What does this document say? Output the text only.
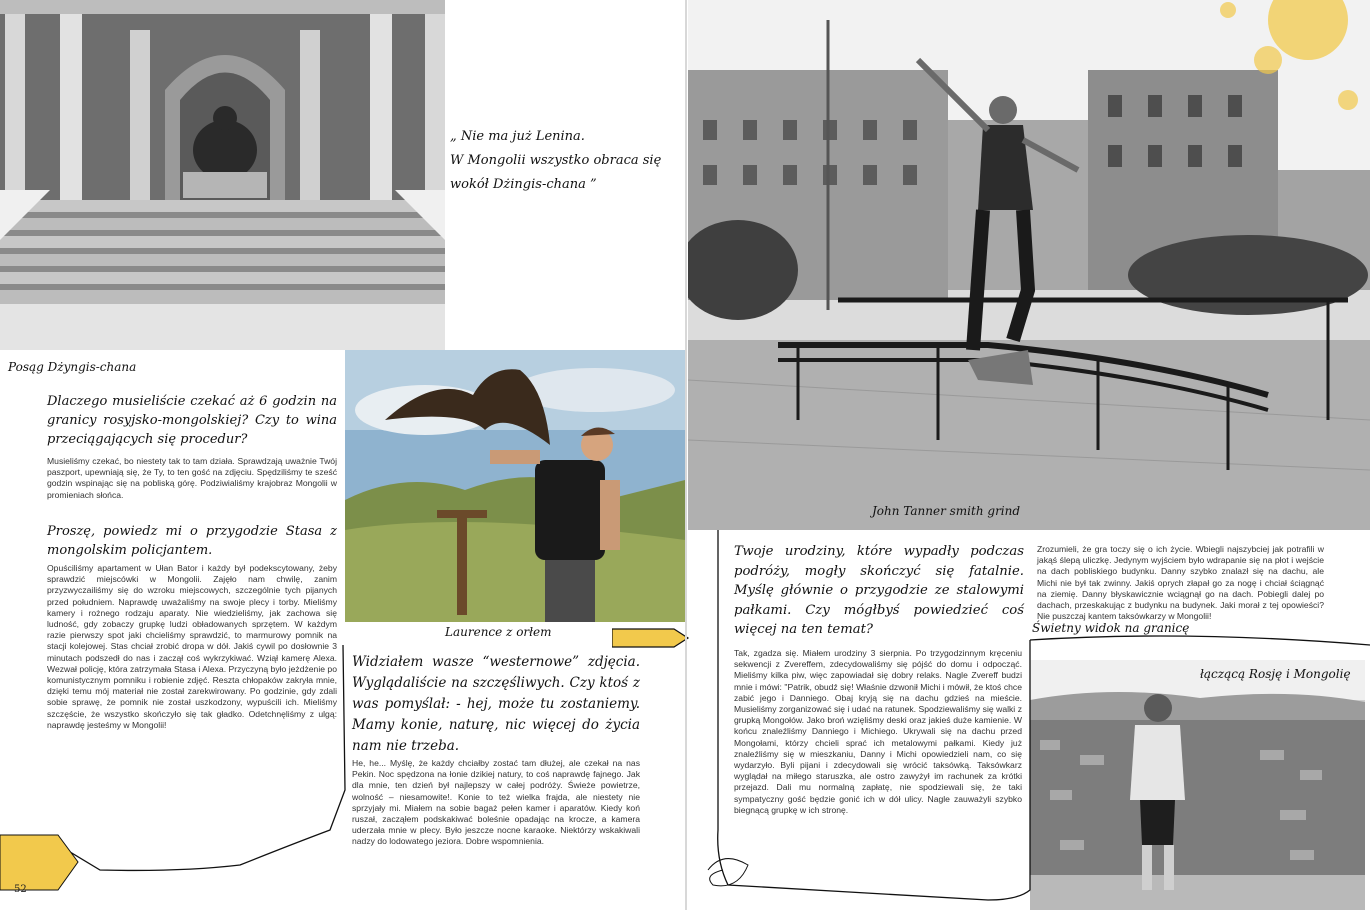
„ Nie ma już Lenina.
W Mongolii wszystko obraca się
wokół Dżingis-chana ”
Posąg Dżyngis-chana
Dlaczego musieliście czekać aż 6 godzin na granicy rosyjsko-mongolskiej? Czy to wina przeciągających się procedur?
Musieliśmy czekać, bo niestety tak to tam działa. Sprawdzają uważnie Twój paszport, upewniają się, że Ty, to ten gość na zdjęciu. Spędziliśmy te sześć godzin wspinając się na pobliską górę. Podziwialiśmy krajobraz Mongolii w promieniach słońca.
Proszę, powiedz mi o przygodzie Stasa z mongolskim policjantem.
Opuściliśmy apartament w Ułan Bator i każdy był podekscytowany, żeby sprawdzić miejscówki w Mongolii. Zajęło nam chwilę, zanim przyzwyczailiśmy się do wzroku miejscowych, szczególnie tych pijanych przed południem. Naprawdę uważaliśmy na swoje plecy i torby. Mieliśmy kamery i rożnego rodzaju aparaty. Nie wiedzieliśmy, jak zachowa się ludność, gdy zobaczy grupkę ludzi obładowanych sprzętem. W każdym razie pierwszy spot jaki chcieliśmy sprawdzić, to marmurowy pomnik na stacji kolejowej. Stas chciał zrobić dropa w dół. Jakiś cywil po dosłownie 3 minutach podszedł do nas i zaczął coś wykrzykiwać. Wziął kamerę Alexa. Wezwał policję, która zatrzymała Stasa i Alexa. Przyczyną było jeżdżenie po komunistycznym pomniku i robienie zdjęć. Reszta chłopaków zakryła mnie, dzięki temu mój materiał nie został zarekwirowany. Po godzinie, gdy zdali sobie sprawę, że pomnik nie został uszkodzony, wypuścili ich. Mieliśmy szczęście, że wszystko skończyło się tak gładko. Odetchnęliśmy z ulgą: naprawdę jesteśmy w Mongolii!
Laurence z orłem
Widziałem wasze “westernowe” zdjęcia. Wyglądaliście na szczęśliwych. Czy ktoś z was pomyślał: - hej, może tu zostaniemy. Mamy konie, naturę, nic więcej do życia nam nie trzeba.
He, he... Myślę, że każdy chciałby zostać tam dłużej, ale czekał na nas Pekin. Noc spędzona na łonie dzikiej natury, to coś naprawdę fajnego. Jak dla mnie, ten dzień był najlepszy w całej podróży. Świeże powietrze, wolność – niesamowite!. Konie to też wielka frajda, ale niestety nie sprzyjały mi. Miałem na sobie bagaż pełen kamer i aparatów. Kiedy koń ruszał, zacząłem podskakiwać boleśnie opadając na krocze, a kamera uderzała mnie w plecy. Było jeszcze nocne karaoke. Niektórzy wskakiwali nadzy do lodowatego jeziora. Dobre wspomnienia.
52
John Tanner smith grind
Twoje urodziny, które wypadły podczas podróży, mogły skończyć się fatalnie. Myślę głównie o przygodzie ze stalowymi pałkami. Czy mógłbyś powiedzieć coś więcej na ten temat?
Tak, zgadza się. Miałem urodziny 3 sierpnia. Po trzygodzinnym kręceniu sekwencji z Zvereffem, zdecydowaliśmy się pójść do domu i odpocząć. Mieliśmy kilka piw, więc zapowiadał się dobry relaks. Nagle Zvereff budzi mnie i mówi: "Patrik, obudź się! Właśnie dzwonił Michi i mówił, że ktoś chce zabić jego i Danniego. Obaj kryją się na dachu gdzieś na mieście. Musieliśmy zorganizować się i udać na ratunek. Spodziewaliśmy się walki z grupką Mongołów. Jako broń wzięliśmy deski oraz jakieś duże kamienie. W końcu znaleźliśmy Danniego i Michiego. Ukrywali się na dachu przed Mongołami, którzy chcieli sprać ich metalowymi pałkami. Kiedy już znaleźliśmy się w mieszkaniu, Danny i Michi opowiedzieli nam, co się wydarzyło. Byli pijani i zdecydowali się wrócić taksówką. Taksówkarz wyglądał na miłego staruszka, ale ostro zawyżył im rachunek za krótki przejazd. Dali mu normalną zapłatę, nie spodziewali się, że taki sympatyczny gość będzie gonić ich w dół ulicy. Nagle zauważyli szybko biegnącą grupkę w ich stronę.
Zrozumieli, że gra toczy się o ich życie. Wbiegli najszybciej jak potrafili w jakąś ślepą uliczkę. Jedynym wyjściem było wdrapanie się na płot i wejście na dach pobliskiego budynku. Danny szybko znalazł się na dachu, ale Michi nie był tak zwinny. Jakiś oprych złapał go za nogę i chciał ściągnąć na ziemię. Danny błyskawicznie wciągnął go na dach. Pobiegli dalej po dachach, przeskakując z budynku na budynek. Jaki morał z tej opowieści? Nie puszczaj kantem taksówkarzy w Mongolii!
Świetny widok na granicę
łączącą Rosję i Mongolię
